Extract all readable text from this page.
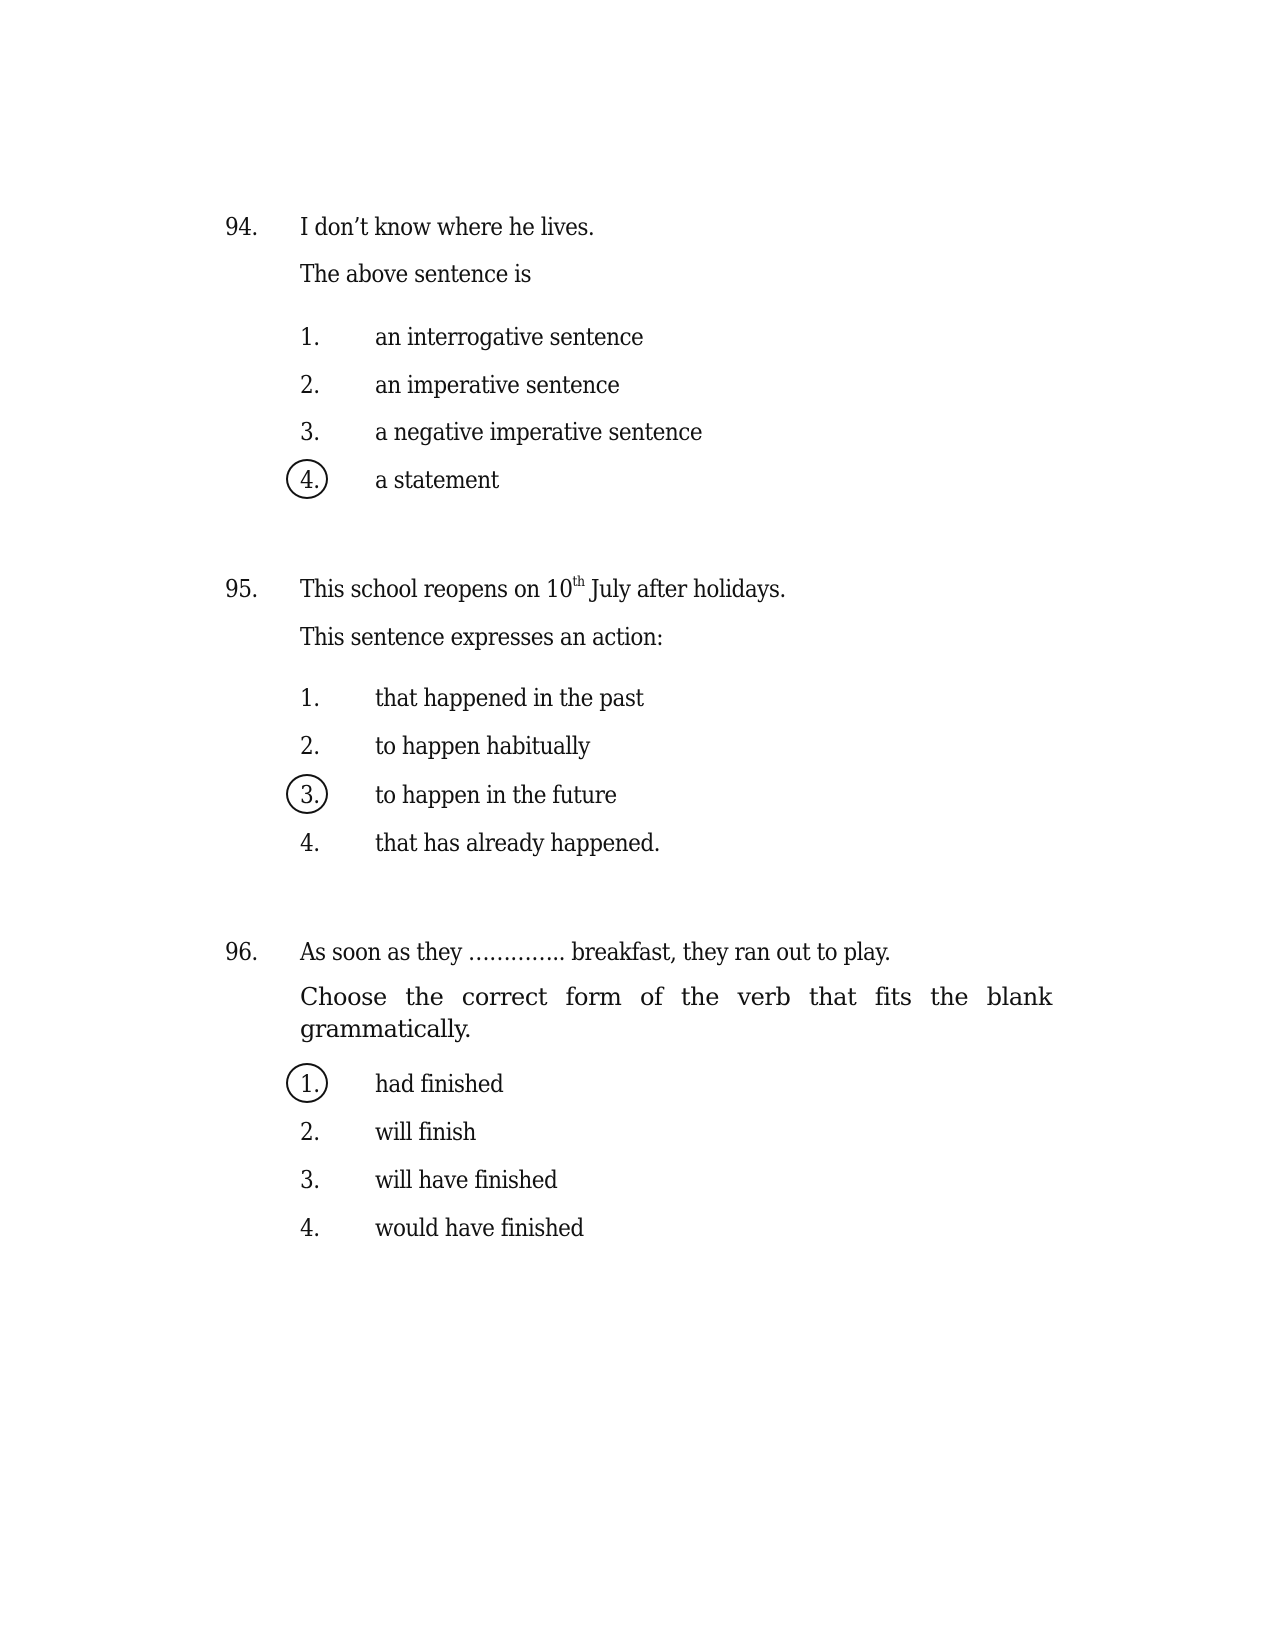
94. I don’t know where he lives.
The above sentence is
1. an interrogative sentence
2. an imperative sentence
3. a negative imperative sentence
4. a statement
95. This school reopens on 10th July after holidays.
This sentence expresses an action:
1. that happened in the past
2. to happen habitually
3. to happen in the future
4. that has already happened.
96. As soon as they ………….. breakfast, they ran out to play.
Choose the correct form of the verb that fits the blank
grammatically.
1. had finished
2. will finish
3. will have finished
4. would have finished
